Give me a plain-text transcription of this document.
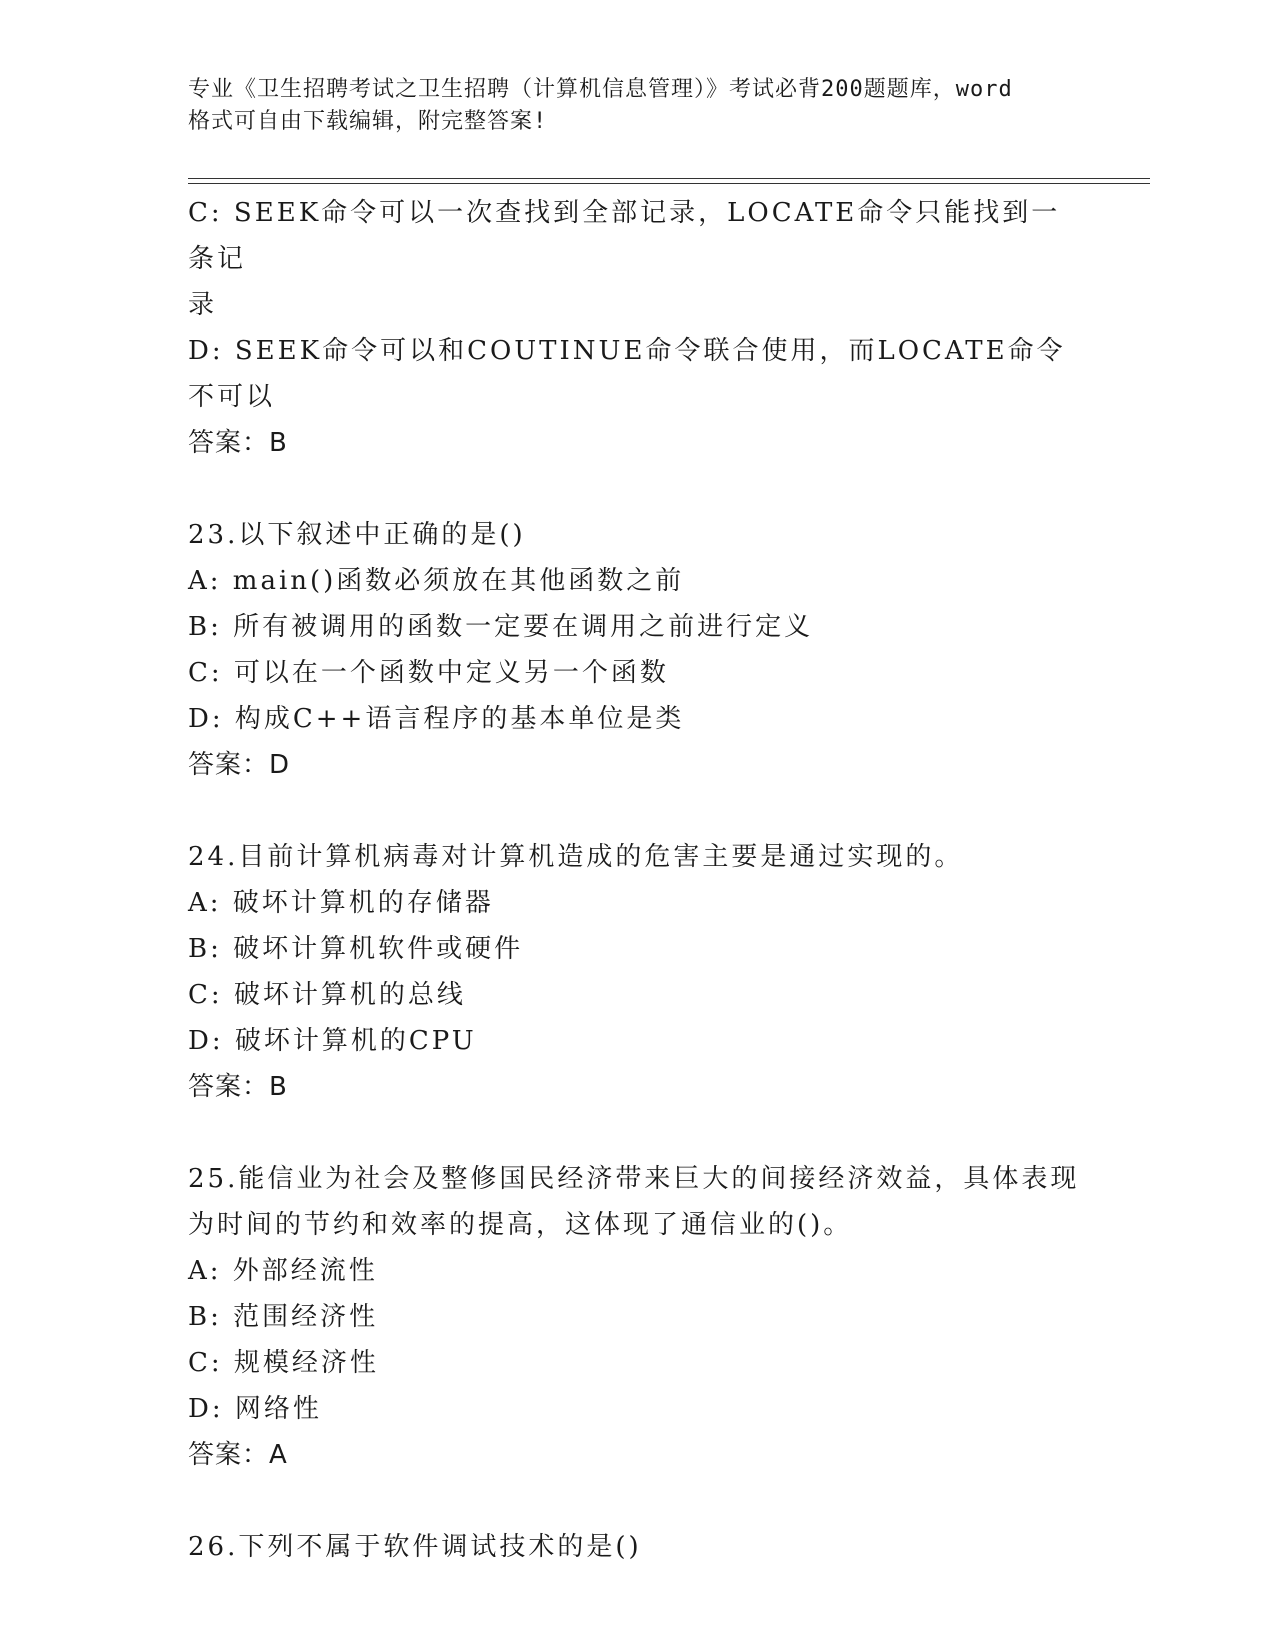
专业《卫生招聘考试之卫生招聘（计算机信息管理）》考试必背200题题库，word
格式可自由下载编辑，附完整答案!
C: SEEK命令可以一次查找到全部记录，LOCATE命令只能找到一条记
录
D: SEEK命令可以和COUTINUE命令联合使用，而LOCATE命令不可以
答案：B
23.以下叙述中正确的是()
A: main()函数必须放在其他函数之前
B: 所有被调用的函数一定要在调用之前进行定义
C: 可以在一个函数中定义另一个函数
D: 构成C++语言程序的基本单位是类
答案：D
24.目前计算机病毒对计算机造成的危害主要是通过实现的。
A: 破坏计算机的存储器
B: 破坏计算机软件或硬件
C: 破坏计算机的总线
D: 破坏计算机的CPU
答案：B
25.能信业为社会及整修国民经济带来巨大的间接经济效益，具体表现
为时间的节约和效率的提高，这体现了通信业的()。
A: 外部经流性
B: 范围经济性
C: 规模经济性
D: 网络性
答案：A
26.下列不属于软件调试技术的是()
